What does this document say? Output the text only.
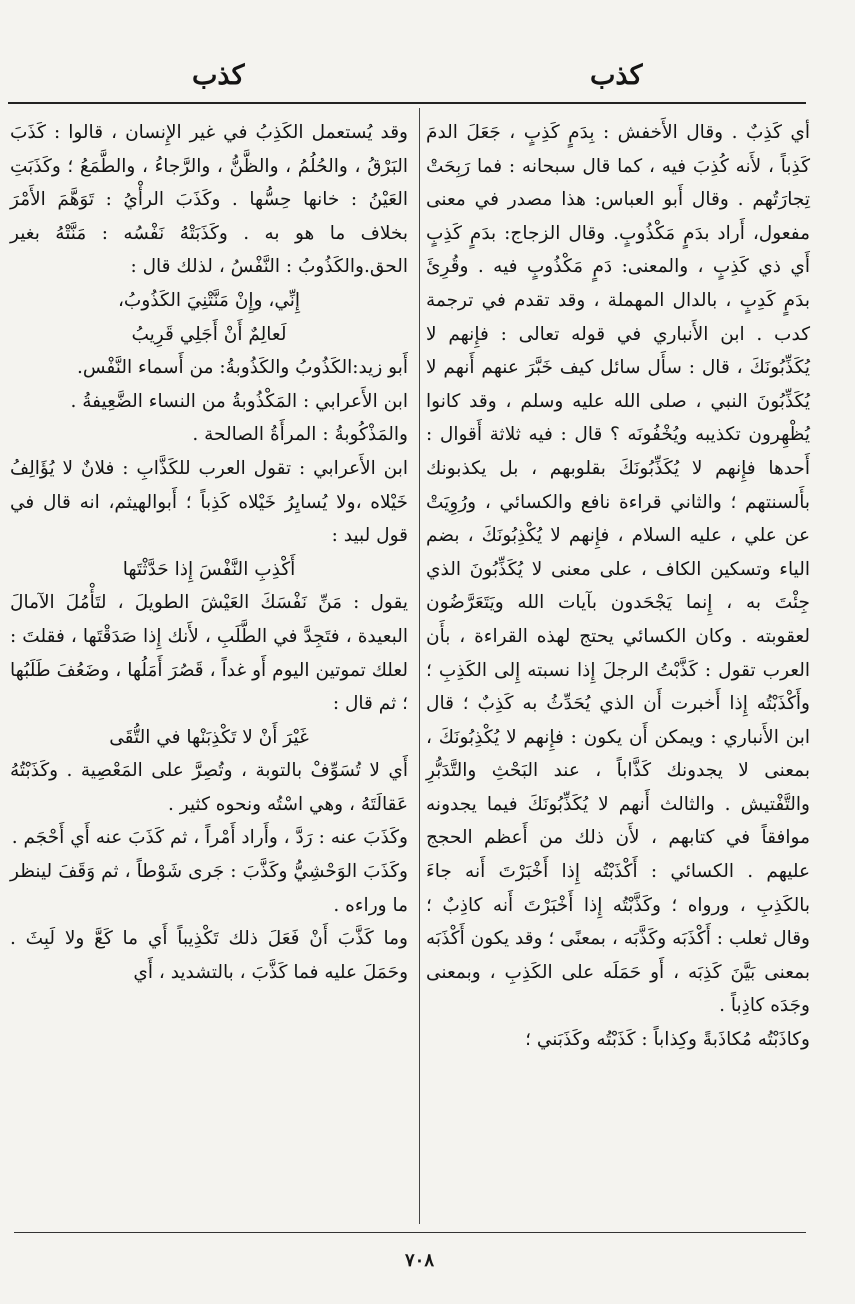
كذب
كذب

أي كَذِبٌ . وقال الأَخفش : بِدَمٍ كَذِبٍ ، جَعَلَ الدمَ كَذِباً ، لأَنه كُذِبَ فيه ، كما قال سبحانه : فما رَبِحَتْ تِجارَتُهم . وقال أَبو العباس: هذا مصدر في معنى مفعول، أَراد بدَمٍ مَكْذُوبٍ. وقال الزجاج: بدَمٍ كَذِبٍ أَي ذي كَذِبٍ ، والمعنى: دَمٍ مَكْذُوبٍ فيه . وقُرِئَ بدَمٍ كَدِبٍ ، بالدال المهملة ، وقد تقدم في ترجمة كدب . ابن الأَنباري في قوله تعالى : فإِنهم لا يُكَذِّبُونَكَ ، قال : سأَل سائل كيف خَبَّرَ عنهم أَنهم لا يُكَذِّبُونَ النبي ، صلى الله عليه وسلم ، وقد كانوا يُظْهِرون تكذيبه ويُخْفُونَه ؟ قال : فيه ثلاثة أَقوال : أَحدها فإِنهم لا يُكَذِّبُونَكَ بقلوبهم ، بل يكذبونك بأَلسنتهم ؛ والثاني قراءة نافع والكسائي ، ورُوِيَتْ عن علي ، عليه السلام ، فإِنهم لا يُكْذِبُونَكَ ، بضم الياء وتسكين الكاف ، على معنى لا يُكَذِّبُونَ الذي جِئْتَ به ، إِنما يَجْحَدون بآيات الله ويَتَعَرَّضُون لعقوبته . وكان الكسائي يحتج لهذه القراءة ، بأَن العرب تقول : كَذَّبْتُ الرجلَ إِذا نسبته إِلى الكَذِبِ ؛ وأَكْذَبْتُه إِذا أَخبرت أَن الذي يُحَدِّثُ به كَذِبٌ ؛ قال ابن الأَنباري : ويمكن أَن يكون : فإِنهم لا يُكْذِبُونَكَ ، بمعنى لا يجدونك كَذَّاباً ، عند البَحْثِ والتَّدَبُّرِ والتَّفْتيش . والثالث أَنهم لا يُكَذِّبُونَكَ فيما يجدونه موافقاً في كتابهم ، لأَن ذلك من أَعظم الحجج عليهم . الكسائي : أَكْذَبْتُه إِذا أَخْبَرْتَ أَنه جاءَ بالكَذِبِ ، ورواه ؛ وكَذَّبْتُه إِذا أَخْبَرْتَ أَنه كاذِبٌ ؛ وقال ثعلب : أَكْذَبَه وكَذَّبَه ، بمعنًى ؛ وقد يكون أَكْذَبَه بمعنى بَيَّنَ كَذِبَه ، أَو حَمَلَه على الكَذِبِ ، وبمعنى وجَدَه كاذِباً .

وكاذَبْتُه مُكاذَبةً وكِذاباً : كَذَبْتُه وكَذَبَني ؛

وقد يُستعمل الكَذِبُ في غير الإِنسان ، قالوا : كَذَبَ البَرْقُ ، والحُلُمُ ، والظَّنُّ ، والرَّجاءُ ، والطَّمَعُ ؛ وكَذَبَتِ العَيْنُ : خانها حِسُّها . وكَذَبَ الرأْيُ : تَوَهَّمَ الأَمْرَ بخلاف ما هو به . وكَذَبَتْهُ نَفْسُه : مَنَّتْهُ بغير الحق.والكَذُوبُ : النَّفْسُ ، لذلك قال :

إِنِّي، وإِنْ مَنَّتْنِيَ الكَذُوبُ،

لَعالِمٌ أَنْ أَجَلِي قَرِيبُ

أَبو زيد:الكَذُوبُ والكَذُوبةُ: من أَسماء النَّفْس.

ابن الأَعرابي : المَكْذُوبةُ من النساء الضَّعِيفةُ .

والمَذْكُوبةُ : المرأَةُ الصالحة .

ابن الأَعرابي : تقول العرب للكَذَّابِ : فلانٌ لا يُؤَالِفُ خَيْلاه ،ولا يُسايِرُ خَيْلاه كَذِباً ؛ أَبوالهيثم، انه قال في قول لبيد :

أَكْذِبِ النَّفْسَ إِذا حَدَّثْتَها

يقول : مَنِّ نَفْسَكَ العَيْشَ الطويلَ ، لتَأْمُلَ الآمالَ البعيدة ، فتَجِدَّ في الطَّلَبِ ، لأَنك إِذا صَدَقْتَها ، فقلتَ : لعلك تموتين اليوم أَو غداً ، قَصُرَ أَمَلُها ، وضَعُفَ طَلَبُها ؛ ثم قال :

غَيْرَ أَنْ لا تَكْذِبَنْها في التُّقَى

أَي لا تُسَوِّفْ بالتوبة ، وتُصِرَّ على المَعْصِية . وكَذَبْتُهُ عَقالَتَهُ ، وهي اسْتُه ونحوه كثير .

وكَذَبَ عنه : رَدَّ ، وأَراد أَمْراً ، ثم كَذَبَ عنه أَي أَحْجَم .

وكَذَبَ الوَحْشِيُّ وكَذَّبَ : جَرى شَوْطاً ، ثم وَقَفَ لينظر ما وراءه .

وما كَذَّبَ أَنْ فَعَلَ ذلك تَكْذِيباً أَي ما كَعَّ ولا لَبِثَ . وحَمَلَ عليه فما كَذَّبَ ، بالتشديد ، أَي

٧٠٨
